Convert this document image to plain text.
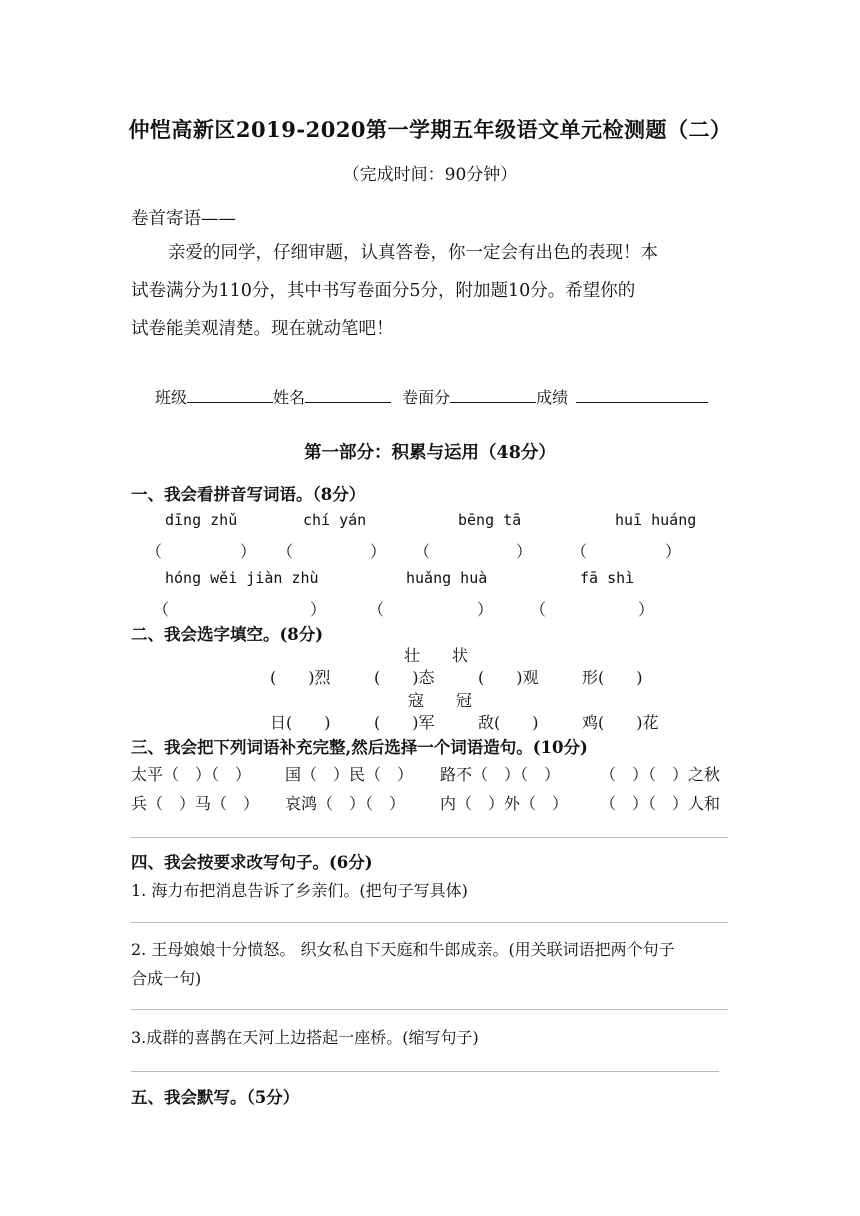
仲恺高新区2019-2020第一学期五年级语文单元检测题（二）
（完成时间：90分钟）
卷首寄语——
亲爱的同学，仔细审题，认真答卷，你一定会有出色的表现！本
试卷满分为110分，其中书写卷面分5分，附加题10分。希望你的
试卷能美观清楚。现在就动笔吧！
班级	姓名	卷面分	成绩
第一部分：积累与运用（48分）
一、我会看拼音写词语。（8分）
dīng zhǔ	chí yán	bēng tā	huī huáng
（	） （	） （	） （	）
hóng wěi jiàn zhù	huǎng huà	fā shì
（	）	（	） （	）
二、我会选字填空。(8分)
壮　　状
(　　)烈	(　　)态	(　　)观	形(　　)
寇　　冠
日(　　)	(　　)军	敌(　　)	鸡(　　)花
三、我会把下列词语补充完整,然后选择一个词语造句。(10分)
太平（　）（　） 国（　）民（　） 路不（　）（　） （　）（　）之秋
兵（　）马（　） 哀鸿（　）（　） 内（　）外（　） （　）（　）人和
四、我会按要求改写句子。(6分)
1. 海力布把消息告诉了乡亲们。(把句子写具体)
2. 王母娘娘十分愤怒。 织女私自下天庭和牛郎成亲。(用关联词语把两个句子
合成一句)
3.成群的喜鹊在天河上边搭起一座桥。(缩写句子)
五、我会默写。（5分）
